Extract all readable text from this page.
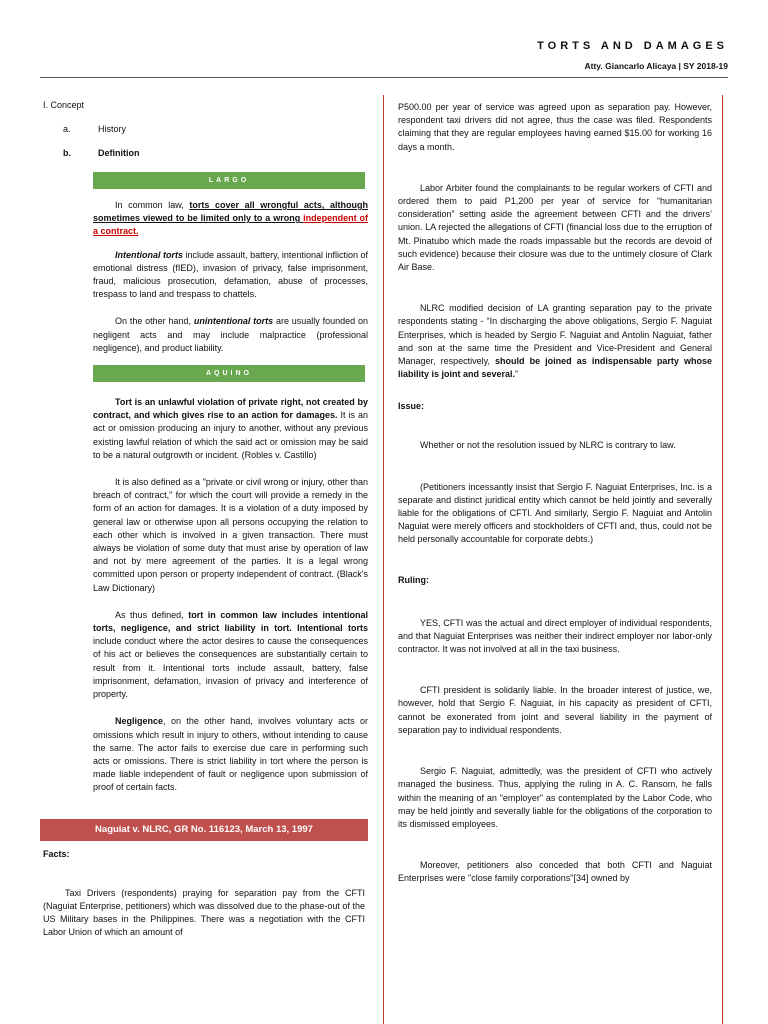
TORTS AND DAMAGES
Atty. Giancarlo Alicaya | SY 2018-19
I. Concept
a.	History
b.	Definition
LARGO

In common law, torts cover all wrongful acts, although sometimes viewed to be limited only to a wrong independent of a contract.

Intentional torts include assault, battery, intentional infliction of emotional distress (fIED), invasion of privacy, false imprisonment, fraud, malicious prosecution, defamation, abuse of processes, trespass to land and trespass to chattels.

On the other hand, unintentional torts are usually founded on negligent acts and may include malpractice (professional negligence), and product liability.

AQUINO

Tort is an unlawful violation of private right, not created by contract, and which gives rise to an action for damages. It is an act or omission producing an injury to another, without any previous existing lawful relation of which the said act or omission may be said to be a natural outgrowth or incident. (Robles v. Castillo)

It is also defined as a "private or civil wrong or injury, other than breach of contract," for which the court will provide a remedy in the form of an action for damages. It is a violation of a duty imposed by general law or otherwise upon all persons occupying the relation to each other which is involved in a given transaction. There must always be violation of some duty that must arise by operation of law and not by mere agreement of the parties. It is a legal wrong committed upon person or property independent of contract. (Black's Law Dictionary)

As thus defined, tort in common law includes intentional torts, negligence, and strict liability in tort. Intentional torts include conduct where the actor desires to cause the consequences of his act or believes the consequences are substantially certain to result from it. Intentional torts include assault, battery, false imprisonment, defamation, invasion of privacy and interference of property.

Negligence, on the other hand, involves voluntary acts or omissions which result in injury to others, without intending to cause the same. The actor fails to exercise due care in performing such acts or omissions. There is strict liability in tort where the person is made liable independent of fault or negligence upon submission of proof of certain facts.

Naguiat v. NLRC, GR No. 116123, March 13, 1997
Facts:

Taxi Drivers (respondents) praying for separation pay from the CFTI (Naguiat Enterprise, petitioners) which was dissolved due to the phase-out of the US Military bases in the Philippines. There was a negotiation with the CFTI Labor Union of which an amount of

P500.00 per year of service was agreed upon as separation pay. However, respondent taxi drivers did not agree, thus the case was filed. Respondents claiming that they are regular employees having earned $15.00 for working 16 days a month.

Labor Arbiter found the complainants to be regular workers of CFTI and ordered them to paid P1,200 per year of service for “humanitarian consideration” setting aside the agreement between CFTI and the drivers’ union. LA rejected the allegations of CFTI (financial loss due to the erruption of Mt. Pinatubo which made the roads impassable but the records are devoid of such evidence) because their closure was due to the untimely closure of Clark Air Base.

NLRC modified decision of LA granting separation pay to the private respondents stating - “In discharging the above obligations, Sergio F. Naguiat Enterprises, which is headed by Sergio F. Naguiat and Antolin Naguiat, father and son at the same time the President and Vice-President and General Manager, respectively, should be joined as indispensable party whose liability is joint and several.”

Issue:

Whether or not the resolution issued by NLRC is contrary to law.

(Petitioners incessantly insist that Sergio F. Naguiat Enterprises, Inc. is a separate and distinct juridical entity which cannot be held jointly and severally liable for the obligations of CFTI. And similarly, Sergio F. Naguiat and Antolin Naguiat were merely officers and stockholders of CFTI and, thus, could not be held personally accountable for corporate debts.)

Ruling:

YES, CFTI was the actual and direct employer of individual respondents, and that Naguiat Enterprises was neither their indirect employer nor labor-only contractor. It was not involved at all in the taxi business.

CFTI president is solidarily liable. In the broader interest of justice, we, however, hold that Sergio F. Naguiat, in his capacity as president of CFTI, cannot be exonerated from joint and several liability in the payment of separation pay to individual respondents.

Sergio F. Naguiat, admittedly, was the president of CFTI who actively managed the business. Thus, applying the ruling in A. C. Ransom, he falls within the meaning of an "employer" as contemplated by the Labor Code, who may be held jointly and severally liable for the obligations of the corporation to its dismissed employees.

Moreover, petitioners also conceded that both CFTI and Naguiat Enterprises were "close family corporations"[34] owned by
